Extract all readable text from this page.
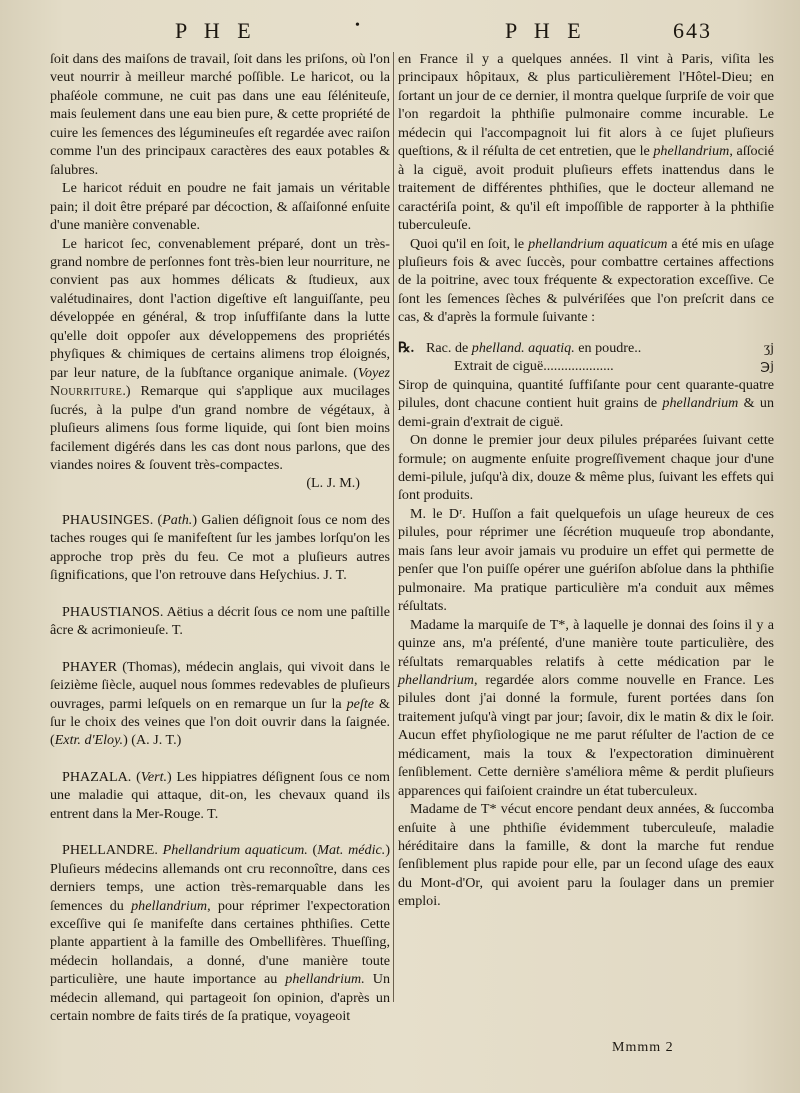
P H E	•	P H E	643

ſoit dans des maiſons de travail, ſoit dans les priſons, où l'on veut nourrir à meilleur marché poſſible. Le haricot, ou la phaſéole commune, ne cuit pas dans une eau ſéléniteuſe, mais ſeulement dans une eau bien pure, & cette propriété de cuire les ſemences des légumineuſes eſt regardée avec raiſon comme l'un des principaux caractères des eaux potables & ſalubres.

Le haricot réduit en poudre ne fait jamais un véritable pain; il doit être préparé par décoction, & aſſaiſonné enſuite d'une manière convenable.

Le haricot ſec, convenablement préparé, dont un très-grand nombre de perſonnes font très-bien leur nourriture, ne convient pas aux hommes délicats & ſtudieux, aux valétudinaires, dont l'action digeſtive eſt languiſſante, peu développée en général, & trop inſuffiſante dans la lutte qu'elle doit oppoſer aux développemens des propriétés phyſiques & chimiques de certains alimens trop éloignés, par leur nature, de la ſubſtance organique animale. (Voyez Nourriture.) Remarque qui s'applique aux mucilages ſucrés, à la pulpe d'un grand nombre de végétaux, à pluſieurs alimens ſous forme liquide, qui ſont bien moins facilement digérés dans les cas dont nous parlons, que des viandes noires & ſouvent très-compactes.

(L. J. M.)

PHAUSINGES. (Path.) Galien déſignoit ſous ce nom des taches rouges qui ſe manifeſtent ſur les jambes lorſqu'on les approche trop près du feu. Ce mot a pluſieurs autres ſignifications, que l'on retrouve dans Heſychius. J. T.

PHAUSTIANOS. Aëtius a décrit ſous ce nom une paſtille âcre & acrimonieuſe. T.

PHAYER (Thomas), médecin anglais, qui vivoit dans le ſeizième ſiècle, auquel nous ſommes redevables de pluſieurs ouvrages, parmi leſquels on en remarque un ſur la peſte & ſur le choix des veines que l'on doit ouvrir dans la ſaignée. (Extr. d'Eloy.) (A. J. T.)

PHAZALA. (Vert.) Les hippiatres déſignent ſous ce nom une maladie qui attaque, dit-on, les chevaux quand ils entrent dans la Mer-Rouge. T.

PHELLANDRE. Phellandrium aquaticum. (Mat. médic.) Pluſieurs médecins allemands ont cru reconnoître, dans ces derniers temps, une action très-remarquable dans les ſemences du phellandrium, pour réprimer l'expectoration exceſſive qui ſe manifeſte dans certaines phthiſies. Cette plante appartient à la famille des Ombellifères. Thueſſing, médecin hollandais, a donné, d'une manière toute particulière, une haute importance au phellandrium. Un médecin allemand, qui partageoit ſon opinion, d'après un certain nombre de faits tirés de ſa pratique, voyageoit

en France il y a quelques années. Il vint à Paris, viſita les principaux hôpitaux, & plus particulièrement l'Hôtel-Dieu; en ſortant un jour de ce dernier, il montra quelque ſurpriſe de voir que l'on regardoit la phthiſie pulmonaire comme incurable. Le médecin qui l'accompagnoit lui fit alors à ce ſujet pluſieurs queſtions, & il réſulta de cet entretien, que le phellandrium, aſſocié à la ciguë, avoit produit pluſieurs effets inattendus dans le traitement de différentes phthiſies, que le docteur allemand ne caractériſa point, & qu'il eſt impoſſible de rapporter à la phthiſie tuberculeuſe.

Quoi qu'il en ſoit, le phellandrium aquaticum a été mis en uſage pluſieurs fois & avec ſuccès, pour combattre certaines affections de la poitrine, avec toux fréquente & expectoration exceſſive. Ce ſont les ſemences ſèches & pulvériſées que l'on preſcrit dans ce cas, & d'après la formule ſuivante :

℞. Rac. de phelland. aquatiq. en poudre..	ʒj

Extrait de ciguë....................	℈j

Sirop de quinquina, quantité ſuffiſante pour cent quarante-quatre pilules, dont chacune contient huit grains de phellandrium & un demi-grain d'extrait de ciguë.

On donne le premier jour deux pilules préparées ſuivant cette formule; on augmente enſuite progreſſivement chaque jour d'une demi-pilule, juſqu'à dix, douze & même plus, ſuivant les effets qui ſont produits.

M. le Dʳ. Huſſon a fait quelquefois un uſage heureux de ces pilules, pour réprimer une ſécrétion muqueuſe trop abondante, mais ſans leur avoir jamais vu produire un effet qui permette de penſer que l'on puiſſe opérer une guériſon abſolue dans la phthiſie pulmonaire. Ma pratique particulière m'a conduit aux mêmes réſultats.

Madame la marquiſe de T*, à laquelle je donnai des ſoins il y a quinze ans, m'a préſenté, d'une manière toute particulière, des réſultats remarquables relatifs à cette médication par le phellandrium, regardée alors comme nouvelle en France. Les pilules dont j'ai donné la formule, furent portées dans ſon traitement juſqu'à vingt par jour; ſavoir, dix le matin & dix le ſoir. Aucun effet phyſiologique ne me parut réſulter de l'action de ce médicament, mais la toux & l'expectoration diminuèrent ſenſiblement. Cette dernière s'améliora même & perdit pluſieurs apparences qui faiſoient craindre un état tuberculeux.

Madame de T* vécut encore pendant deux années, & ſuccomba enſuite à une phthiſie évidemment tuberculeuſe, maladie héréditaire dans la famille, & dont la marche fut rendue ſenſiblement plus rapide pour elle, par un ſecond uſage des eaux du Mont-d'Or, qui avoient paru la ſoulager dans un premier emploi.

Mmmm 2
